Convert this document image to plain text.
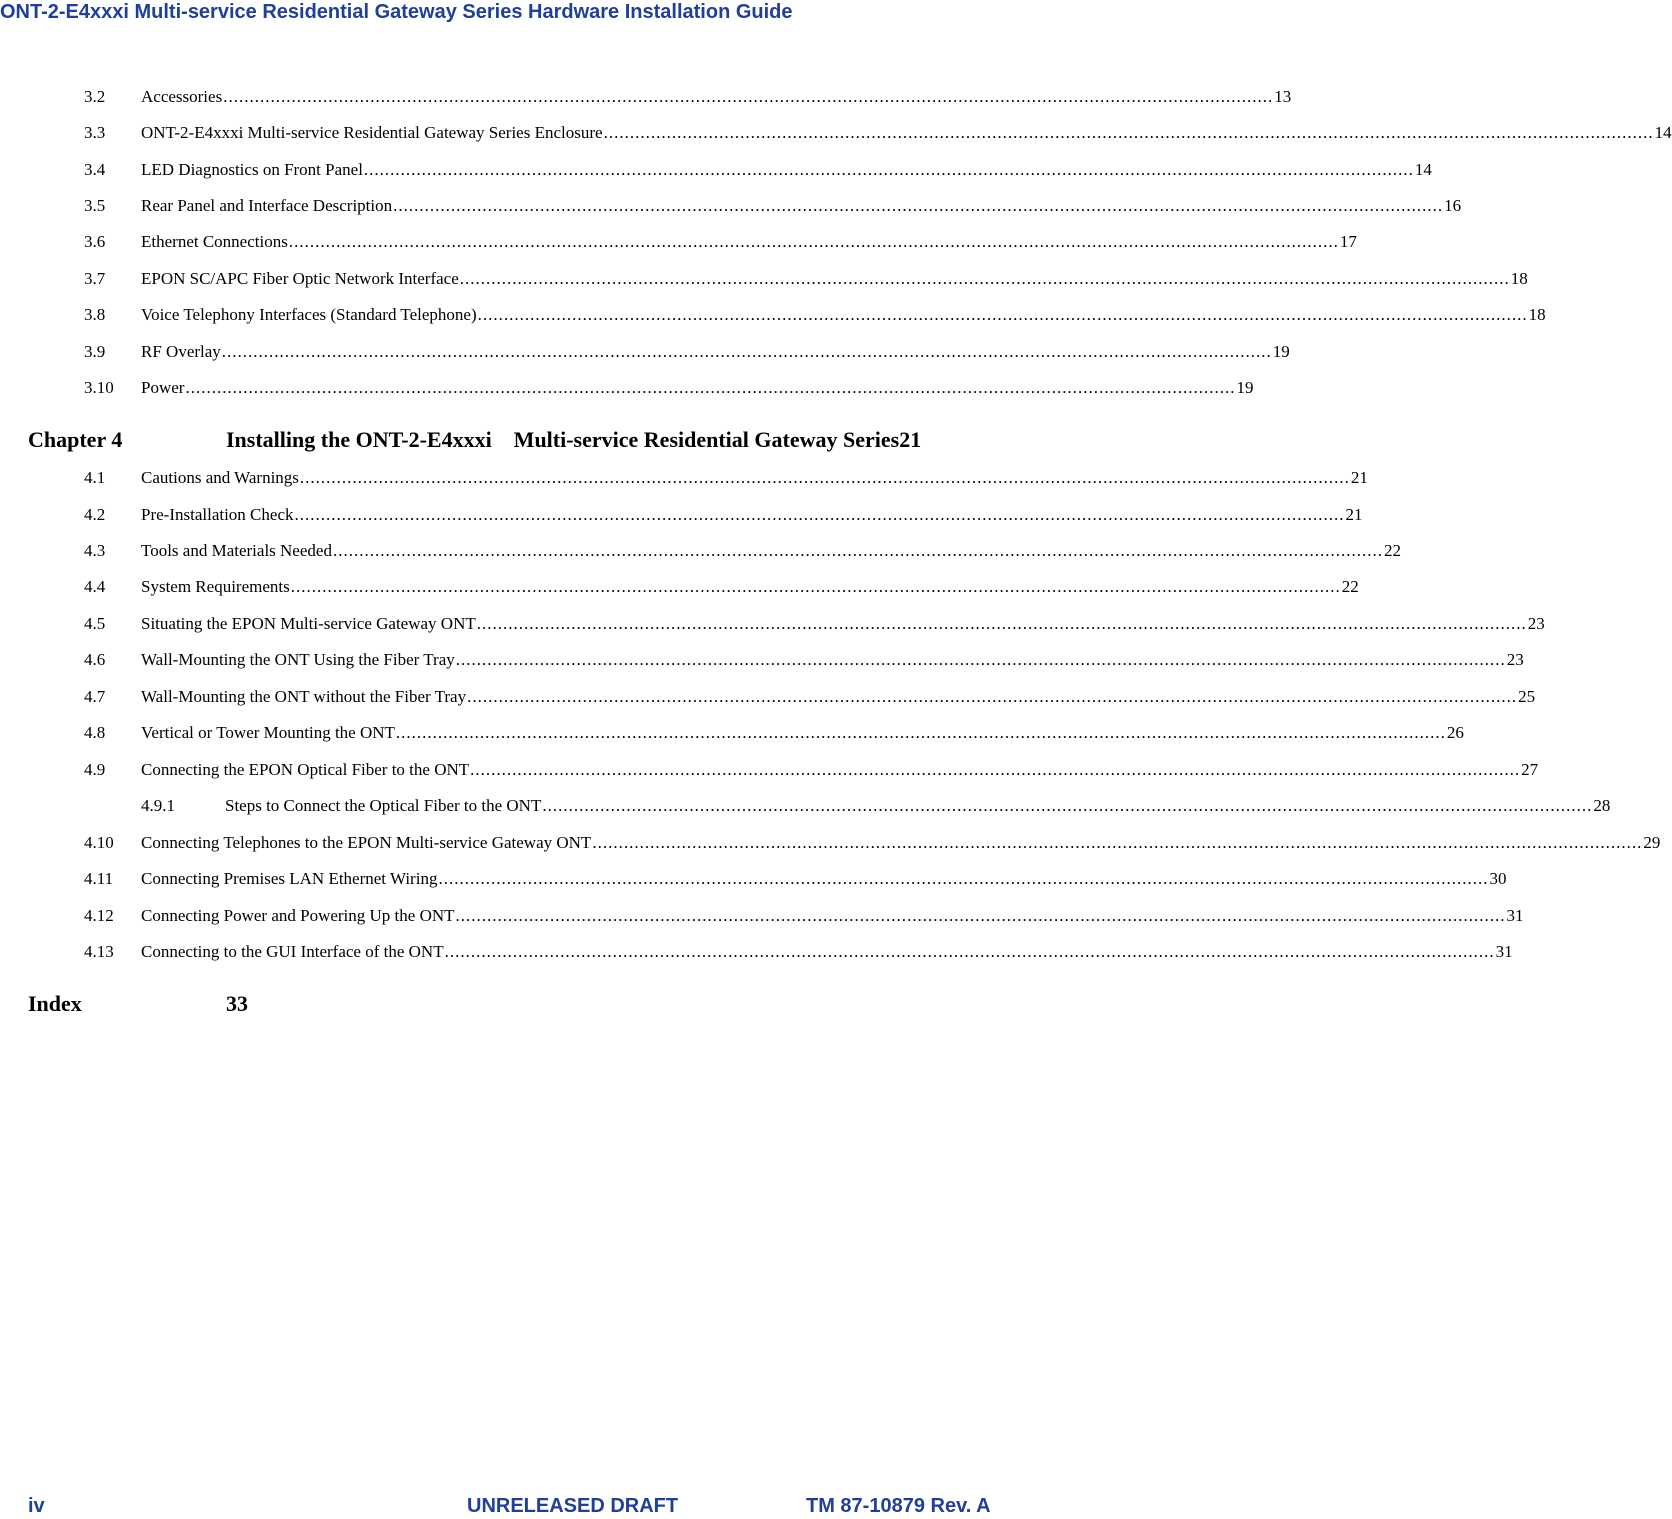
ONT-2-E4xxxi Multi-service Residential Gateway Series Hardware Installation Guide
3.2	Accessories ........................................................................................................................................................................................................ 13
3.3	ONT-2-E4xxxi Multi-service Residential Gateway Series Enclosure ........................................................................................................................................................................................................ 14
3.4	LED Diagnostics on Front Panel ........................................................................................................................................................................................................ 14
3.5	Rear Panel and Interface Description ........................................................................................................................................................................................................ 16
3.6	Ethernet Connections ........................................................................................................................................................................................................ 17
3.7	EPON SC/APC Fiber Optic Network Interface ........................................................................................................................................................................................................ 18
3.8	Voice Telephony Interfaces (Standard Telephone) ........................................................................................................................................................................................................ 18
3.9	RF Overlay ........................................................................................................................................................................................................ 19
3.10	Power ........................................................................................................................................................................................................ 19
Chapter 4	Installing the ONT-2-E4xxxi    Multi-service Residential Gateway Series21
4.1	Cautions and Warnings ........................................................................................................................................................................................................ 21
4.2	Pre-Installation Check ........................................................................................................................................................................................................ 21
4.3	Tools and Materials Needed ........................................................................................................................................................................................................ 22
4.4	System Requirements ........................................................................................................................................................................................................ 22
4.5	Situating the EPON Multi-service Gateway ONT ........................................................................................................................................................................................................ 23
4.6	Wall-Mounting the ONT Using the Fiber Tray ........................................................................................................................................................................................................ 23
4.7	Wall-Mounting the ONT without the Fiber Tray ........................................................................................................................................................................................................ 25
4.8	Vertical or Tower Mounting the ONT ........................................................................................................................................................................................................ 26
4.9	Connecting the EPON Optical Fiber to the ONT ........................................................................................................................................................................................................ 27
4.9.1	Steps to Connect the Optical Fiber to the ONT ........................................................................................................................................................................................................ 28
4.10	Connecting Telephones to the EPON Multi-service Gateway ONT ........................................................................................................................................................................................................ 29
4.11	Connecting Premises LAN Ethernet Wiring ........................................................................................................................................................................................................ 30
4.12	Connecting Power and Powering Up the ONT ........................................................................................................................................................................................................ 31
4.13	Connecting to the GUI Interface of the ONT ........................................................................................................................................................................................................ 31
Index	33
iv	UNRELEASED DRAFT	TM 87-10879 Rev. A
